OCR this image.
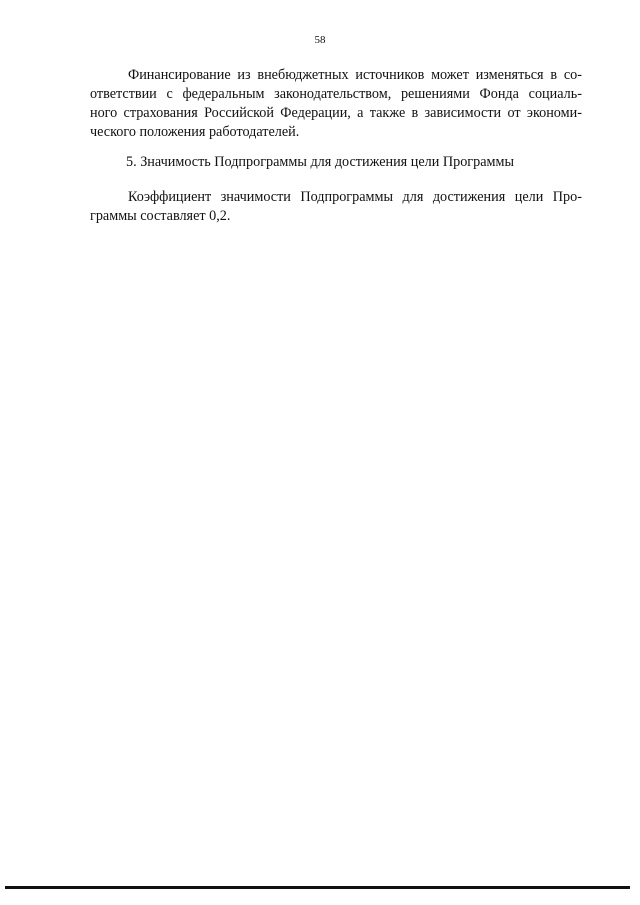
58
Финансирование из внебюджетных источников может изменяться в со-
ответствии с федеральным законодательством, решениями Фонда социаль-
ного страхования Российской Федерации, а также в зависимости от экономи-
ческого положения работодателей.
5. Значимость Подпрограммы для достижения цели Программы
Коэффициент значимости Подпрограммы для достижения цели Про-
граммы составляет 0,2.
